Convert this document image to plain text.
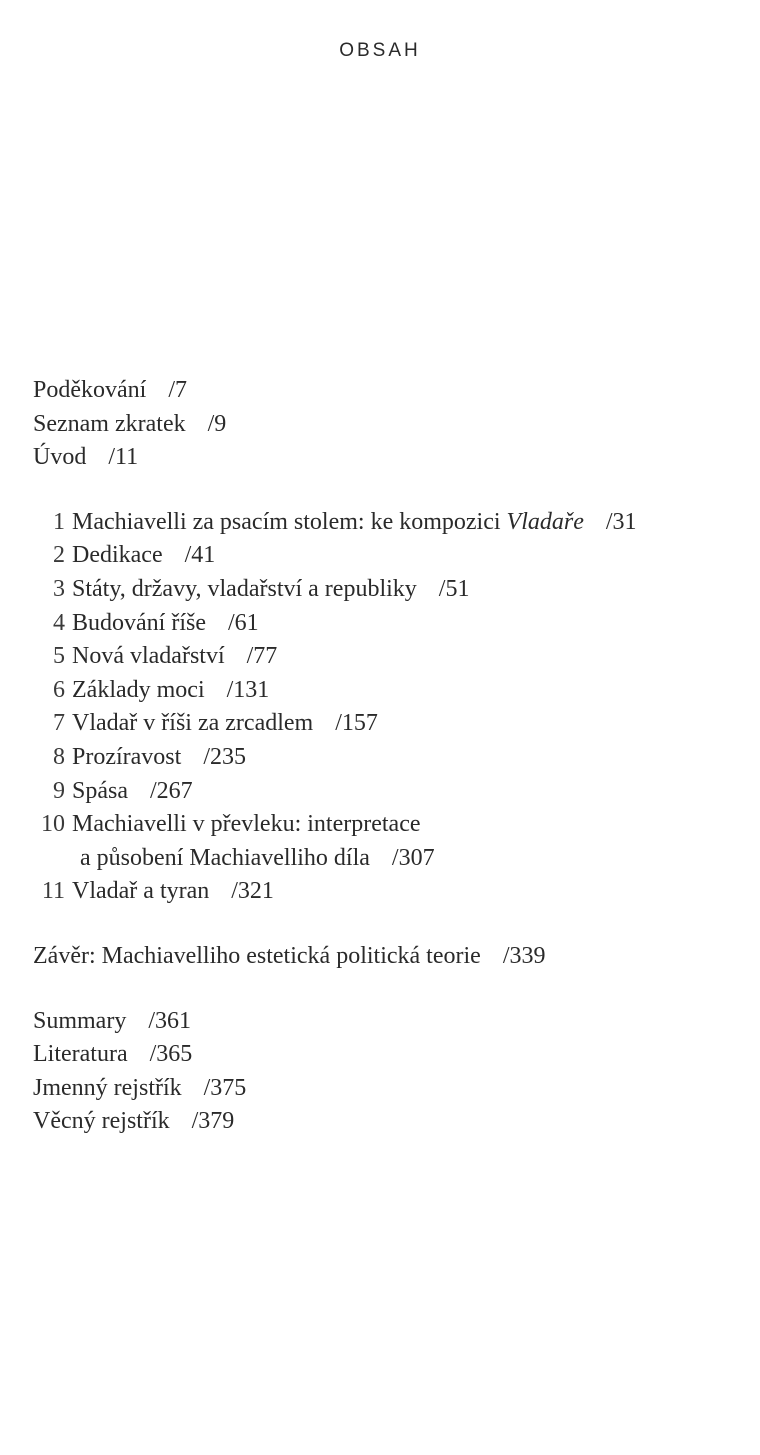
OBSAH
Poděkování /7
Seznam zkratek /9
Úvod /11
1 Machiavelli za psacím stolem: ke kompozici Vladaře /31
2 Dedikace /41
3 Státy, državy, vladařství a republiky /51
4 Budování říše /61
5 Nová vladařství /77
6 Základy moci /131
7 Vladař v říši za zrcadlem /157
8 Prozíravost /235
9 Spása /267
10 Machiavelli v převleku: interpretace
a působení Machiavelliho díla /307
11 Vladař a tyran /321
Závěr: Machiavelliho estetická politická teorie /339
Summary /361
Literatura /365
Jmenný rejstřík /375
Věcný rejstřík /379
